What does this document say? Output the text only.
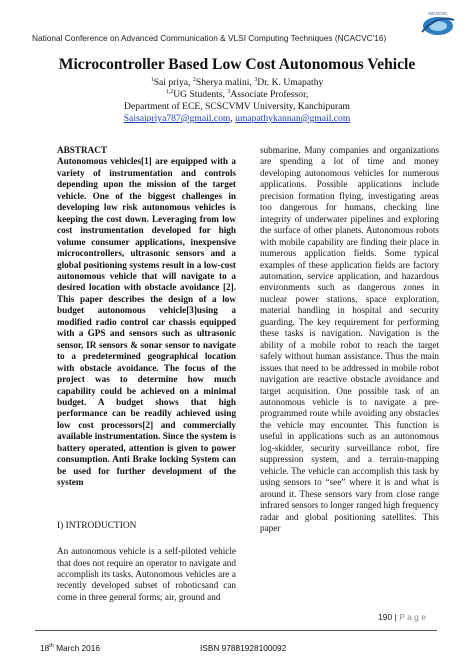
National Conference on Advanced Communication & VLSI Computing Techniques (NCACVC'16)
NCACVC
Microcontroller Based Low Cost Autonomous Vehicle
$^1$Sai priya, $^2$Sherya malini, $^3$Dr. K. Umapathy
$^{1,2}$UG Students, $^3$Associate Professor,
Department of ECE, SCSCVMV University, Kanchipuram
Saisaipriya787@gmail.com, umapathykannan@gmail.com

ABSTRACT

Autonomous vehicles[1] are equipped with a variety of instrumentation and controls depending upon the mission of the target vehicle. One of the biggest challenges in developing low risk autonomous vehicles is keeping the cost down. Leveraging from low cost instrumentation developed for high volume consumer applications, inexpensive microcontrollers, ultrasonic sensors and a global positioning systems result in a low-cost autonomous vehicle that will navigate to a desired location with obstacle avoidance [2]. This paper describes the design of a low budget autonomous vehicle[3]using a modified radio control car chassis equipped with a GPS and sensors such as ultrasonic sensor, IR sensors & sonar sensor to navigate to a predetermined geographical location with obstacle avoidance. The focus of the project was to determine how much capability could be achieved on a minimal budget. A budget shows that high performance can be readily achieved using low cost processors[2] and commercially available instrumentation. Since the system is battery operated, attention is given to power consumption. Anti Brake locking System can be used for further development of the system

I) INTRODUCTION

An autonomous vehicle is a self-piloted vehicle that does not require an operator to navigate and accomplish its tasks. Autonomous vehicles are a recently developed subset of roboticsand can come in three general forms; air, ground and

submarine. Many companies and organizations are spending a lot of time and money developing autonomous vehicles for numerous applications. Possible applications include precision formation flying, investigating areas too dangerous for humans, checking line integrity of underwater pipelines and exploring the surface of other planets. Autonomous robots with mobile capability are finding their place in numerous application fields. Some typical examples of these application fields are factory automation, service application, and hazardous environments such as dangerous zones in nuclear power stations, space exploration, material handling in hospital and security guarding. The key requirement for performing these tasks is navigation. Navigation is the ability of a mobile robot to reach the target safely without human assistance. Thus the main issues that need to be addressed in mobile robot navigation are reactive obstacle avoidance and target acquisition. One possible task of an autonomous vehicle is to navigate a pre-programmed route while avoiding any obstacles the vehicle may encounter. This function is useful in applications such as an autonomous log-skidder, security surveillance robot, fire suppression system, and a terrain-mapping vehicle. The vehicle can accomplish this task by using sensors to “see” where it is and what is around it. These sensors vary from close range infrared sensors to longer ranged high frequency radar and global positioning satellites. This paper

190 | P a g e
18th March 2016	ISBN 97881928100092
